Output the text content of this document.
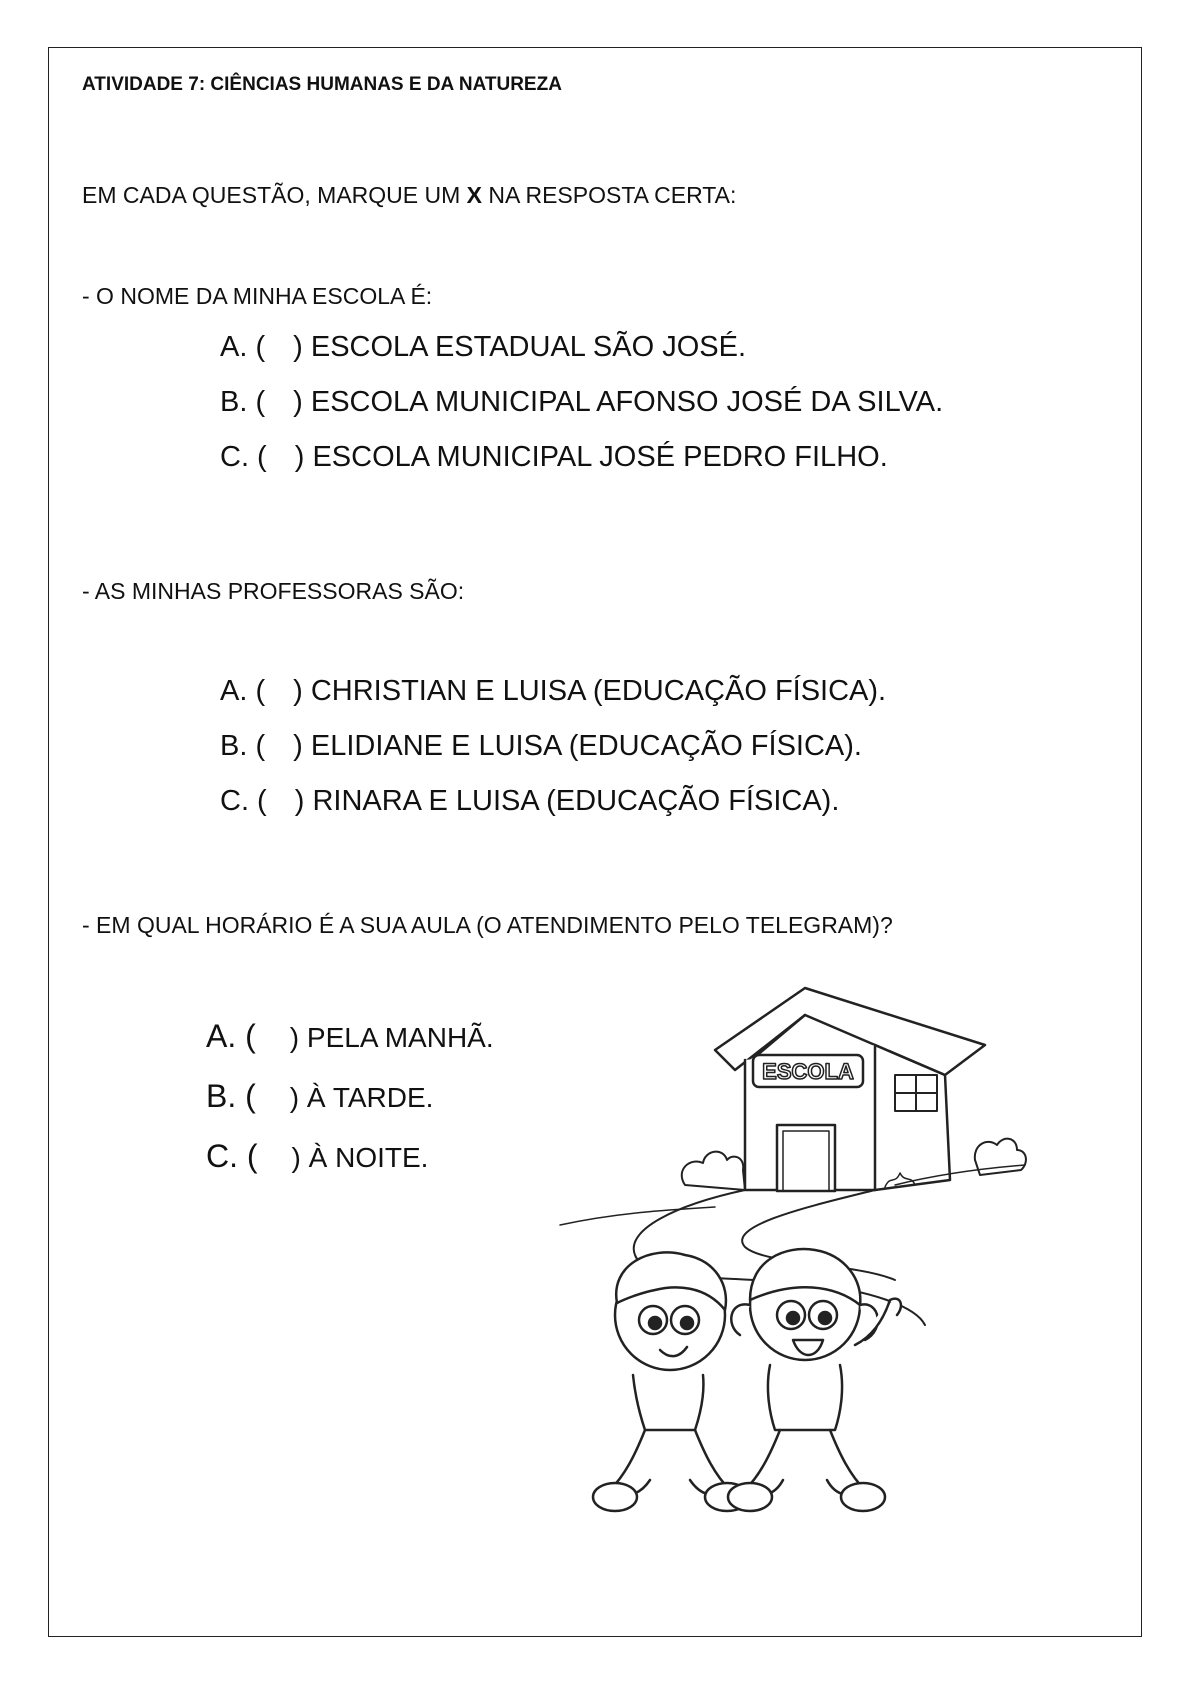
ATIVIDADE 7: CIÊNCIAS HUMANAS E DA NATUREZA
EM CADA QUESTÃO, MARQUE UM X NA RESPOSTA CERTA:
- O NOME DA MINHA ESCOLA É:
A. ( ) ESCOLA ESTADUAL SÃO JOSÉ.
B. ( ) ESCOLA MUNICIPAL AFONSO JOSÉ DA SILVA.
C. ( ) ESCOLA MUNICIPAL JOSÉ PEDRO FILHO.
- AS MINHAS PROFESSORAS SÃO:
A. ( ) CHRISTIAN E LUISA (EDUCAÇÃO FÍSICA).
B. ( ) ELIDIANE E LUISA (EDUCAÇÃO FÍSICA).
C. ( ) RINARA E LUISA (EDUCAÇÃO FÍSICA).
- EM QUAL HORÁRIO É A SUA AULA (O ATENDIMENTO PELO TELEGRAM)?
A. ( ) PELA MANHÃ.
B. ( ) À TARDE.
C. ( ) À NOITE.
ESCOLA
